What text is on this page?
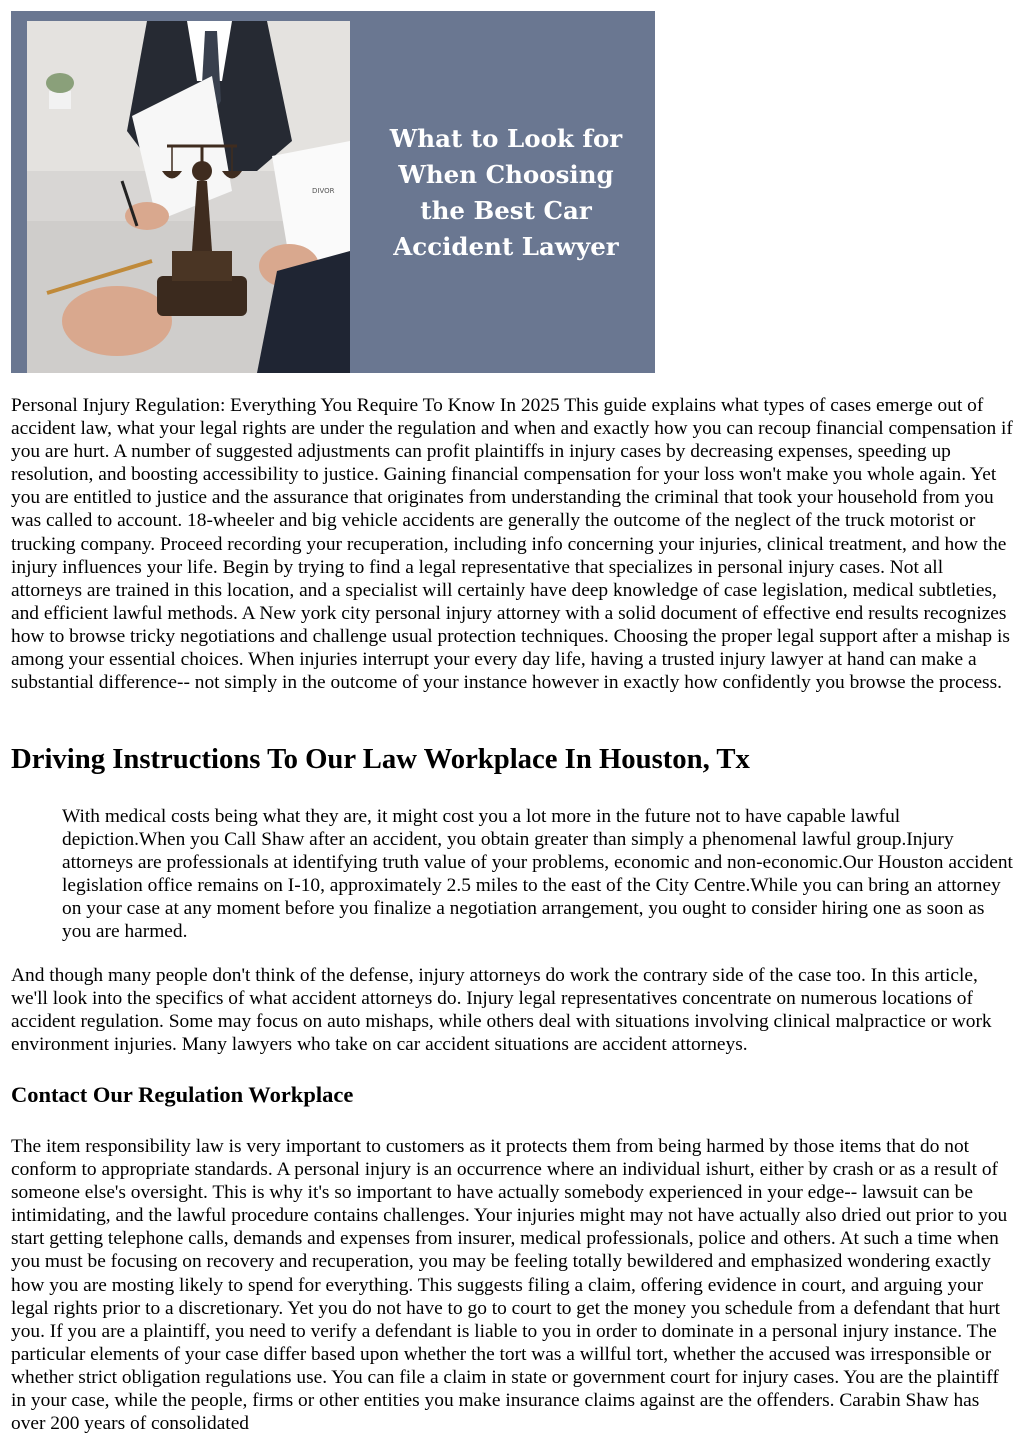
DIVOR
What to Look for
When Choosing
the Best Car
Accident Lawyer

Personal Injury Regulation: Everything You Require To Know In 2025 This guide explains what types of cases emerge out of accident law, what your legal rights are under the regulation and when and exactly how you can recoup financial compensation if you are hurt. A number of suggested adjustments can profit plaintiffs in injury cases by decreasing expenses, speeding up resolution, and boosting accessibility to justice. Gaining financial compensation for your loss won't make you whole again. Yet you are entitled to justice and the assurance that originates from understanding the criminal that took your household from you was called to account. 18-wheeler and big vehicle accidents are generally the outcome of the neglect of the truck motorist or trucking company. Proceed recording your recuperation, including info concerning your injuries, clinical treatment, and how the injury influences your life. Begin by trying to find a legal representative that specializes in personal injury cases. Not all attorneys are trained in this location, and a specialist will certainly have deep knowledge of case legislation, medical subtleties, and efficient lawful methods. A New york city personal injury attorney with a solid document of effective end results recognizes how to browse tricky negotiations and challenge usual protection techniques. Choosing the proper legal support after a mishap is among your essential choices. When injuries interrupt your every day life, having a trusted injury lawyer at hand can make a substantial difference-- not simply in the outcome of your instance however in exactly how confidently you browse the process.

Driving Instructions To Our Law Workplace In Houston, Tx

With medical costs being what they are, it might cost you a lot more in the future not to have capable lawful depiction.When you Call Shaw after an accident, you obtain greater than simply a phenomenal lawful group.Injury attorneys are professionals at identifying truth value of your problems, economic and non-economic.Our Houston accident legislation office remains on I-10, approximately 2.5 miles to the east of the City Centre.While you can bring an attorney on your case at any moment before you finalize a negotiation arrangement, you ought to consider hiring one as soon as you are harmed.

And though many people don't think of the defense, injury attorneys do work the contrary side of the case too. In this article, we'll look into the specifics of what accident attorneys do. Injury legal representatives concentrate on numerous locations of accident regulation. Some may focus on auto mishaps, while others deal with situations involving clinical malpractice or work environment injuries. Many lawyers who take on car accident situations are accident attorneys.

Contact Our Regulation Workplace

The item responsibility law is very important to customers as it protects them from being harmed by those items that do not conform to appropriate standards. A personal injury is an occurrence where an individual ishurt, either by crash or as a result of someone else's oversight. This is why it's so important to have actually somebody experienced in your edge-- lawsuit can be intimidating, and the lawful procedure contains challenges. Your injuries might may not have actually also dried out prior to you start getting telephone calls, demands and expenses from insurer, medical professionals, police and others. At such a time when you must be focusing on recovery and recuperation, you may be feeling totally bewildered and emphasized wondering exactly how you are mosting likely to spend for everything. This suggests filing a claim, offering evidence in court, and arguing your legal rights prior to a discretionary. Yet you do not have to go to court to get the money you schedule from a defendant that hurt you. If you are a plaintiff, you need to verify a defendant is liable to you in order to dominate in a personal injury instance. The particular elements of your case differ based upon whether the tort was a willful tort, whether the accused was irresponsible or whether strict obligation regulations use. You can file a claim in state or government court for injury cases. You are the plaintiff in your case, while the people, firms or other entities you make insurance claims against are the offenders. Carabin Shaw has over 200 years of consolidated
